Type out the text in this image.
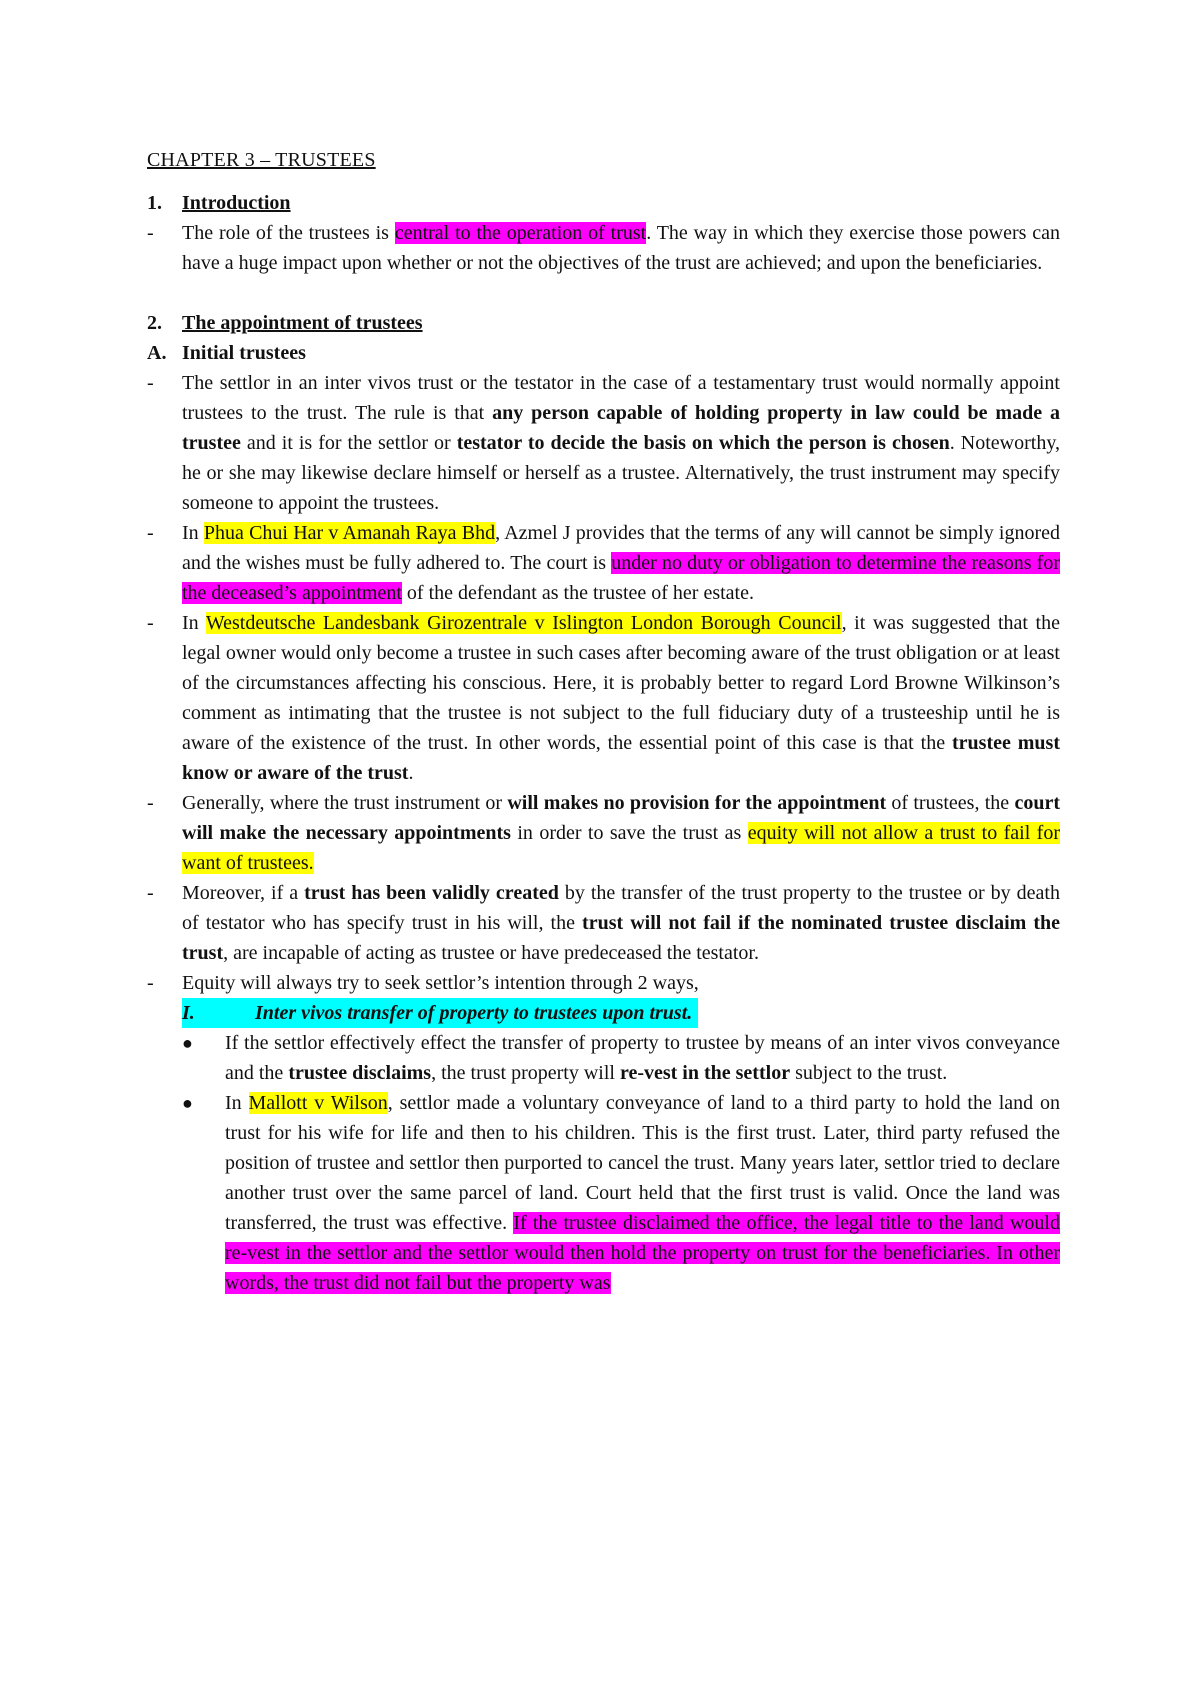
CHAPTER 3 – TRUSTEES
1.	Introduction
-	The role of the trustees is central to the operation of trust. The way in which they exercise those powers can have a huge impact upon whether or not the objectives of the trust are achieved; and upon the beneficiaries.
2.	The appointment of trustees
A. Initial trustees
-	The settlor in an inter vivos trust or the testator in the case of a testamentary trust would normally appoint trustees to the trust. The rule is that any person capable of holding property in law could be made a trustee and it is for the settlor or testator to decide the basis on which the person is chosen. Noteworthy, he or she may likewise declare himself or herself as a trustee. Alternatively, the trust instrument may specify someone to appoint the trustees.
-	In Phua Chui Har v Amanah Raya Bhd, Azmel J provides that the terms of any will cannot be simply ignored and the wishes must be fully adhered to. The court is under no duty or obligation to determine the reasons for the deceased’s appointment of the defendant as the trustee of her estate.
-	In Westdeutsche Landesbank Girozentrale v Islington London Borough Council, it was suggested that the legal owner would only become a trustee in such cases after becoming aware of the trust obligation or at least of the circumstances affecting his conscious. Here, it is probably better to regard Lord Browne Wilkinson’s comment as intimating that the trustee is not subject to the full fiduciary duty of a trusteeship until he is aware of the existence of the trust. In other words, the essential point of this case is that the trustee must know or aware of the trust.
-	Generally, where the trust instrument or will makes no provision for the appointment of trustees, the court will make the necessary appointments in order to save the trust as equity will not allow a trust to fail for want of trustees.
-	Moreover, if a trust has been validly created by the transfer of the trust property to the trustee or by death of testator who has specify trust in his will, the trust will not fail if the nominated trustee disclaim the trust, are incapable of acting as trustee or have predeceased the testator.
-	Equity will always try to seek settlor’s intention through 2 ways,
I.	Inter vivos transfer of property to trustees upon trust.
●	If the settlor effectively effect the transfer of property to trustee by means of an inter vivos conveyance and the trustee disclaims, the trust property will re-vest in the settlor subject to the trust.
●	In Mallott v Wilson, settlor made a voluntary conveyance of land to a third party to hold the land on trust for his wife for life and then to his children. This is the first trust. Later, third party refused the position of trustee and settlor then purported to cancel the trust. Many years later, settlor tried to declare another trust over the same parcel of land. Court held that the first trust is valid. Once the land was transferred, the trust was effective. If the trustee disclaimed the office, the legal title to the land would re-vest in the settlor and the settlor would then hold the property on trust for the beneficiaries. In other words, the trust did not fail but the property was
